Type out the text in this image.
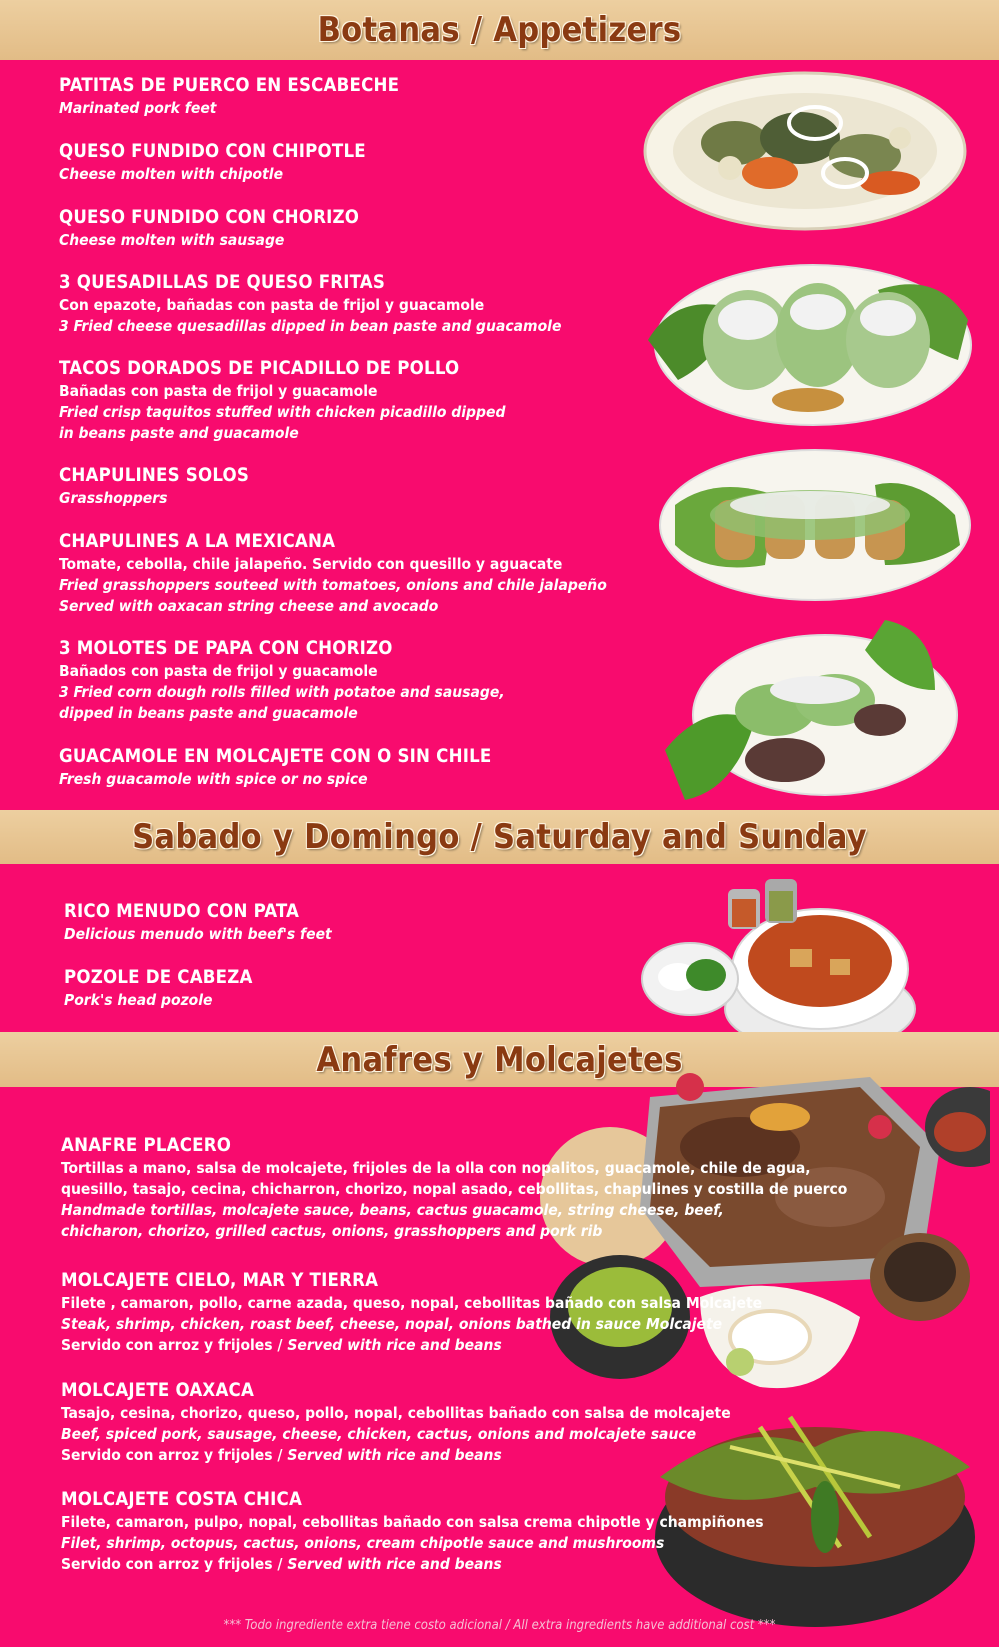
Botanas / Appetizers
PATITAS DE PUERCO EN ESCABECHE
Marinated pork feet
QUESO FUNDIDO CON CHIPOTLE
Cheese molten with chipotle
QUESO FUNDIDO CON CHORIZO
Cheese molten with sausage
3 QUESADILLAS DE QUESO FRITAS
Con epazote, bañadas con pasta de frijol y guacamole
3 Fried cheese quesadillas dipped in bean paste and guacamole
TACOS DORADOS DE PICADILLO DE POLLO
Bañadas con pasta de frijol y guacamole
Fried crisp taquitos stuffed with chicken picadillo dipped
in beans paste and guacamole
CHAPULINES SOLOS
Grasshoppers
CHAPULINES A LA MEXICANA
Tomate, cebolla, chile jalapeño. Servido con quesillo y aguacate
Fried grasshoppers souteed with tomatoes, onions and chile jalapeño
Served with oaxacan string cheese and avocado
3 MOLOTES DE PAPA CON CHORIZO
Bañados con pasta de frijol y guacamole
3 Fried corn dough rolls filled with potatoe and sausage,
dipped in beans paste and guacamole
GUACAMOLE EN MOLCAJETE CON O SIN CHILE
Fresh guacamole with spice or no spice
Sabado y Domingo / Saturday and Sunday
RICO MENUDO CON PATA
Delicious menudo with beef's feet
POZOLE DE CABEZA
Pork's head pozole
Anafres y Molcajetes
ANAFRE PLACERO
Tortillas a mano, salsa de molcajete, frijoles de la olla con nopalitos, guacamole, chile de agua,
quesillo, tasajo, cecina, chicharron, chorizo, nopal asado, cebollitas, chapulines y costilla de puerco
Handmade tortillas, molcajete sauce, beans, cactus guacamole, string cheese, beef,
chicharon, chorizo, grilled cactus, onions, grasshoppers and pork rib
MOLCAJETE CIELO, MAR Y TIERRA
Filete , camaron, pollo, carne azada, queso, nopal, cebollitas bañado con salsa Molcajete
Steak, shrimp, chicken, roast beef, cheese, nopal, onions bathed in sauce Molcajete
Servido con arroz y frijoles / Served with rice and beans
MOLCAJETE OAXACA
Tasajo, cesina, chorizo, queso, pollo, nopal, cebollitas bañado con salsa de molcajete
Beef, spiced pork, sausage, cheese, chicken, cactus, onions and molcajete sauce
Servido con arroz y frijoles / Served with rice and beans
MOLCAJETE COSTA CHICA
Filete, camaron, pulpo, nopal, cebollitas bañado con salsa crema chipotle y champiñones
Filet, shrimp, octopus, cactus, onions, cream chipotle sauce and mushrooms
Servido con arroz y frijoles / Served with rice and beans
*** Todo ingrediente extra tiene costo adicional / All extra ingredients have additional cost ***
